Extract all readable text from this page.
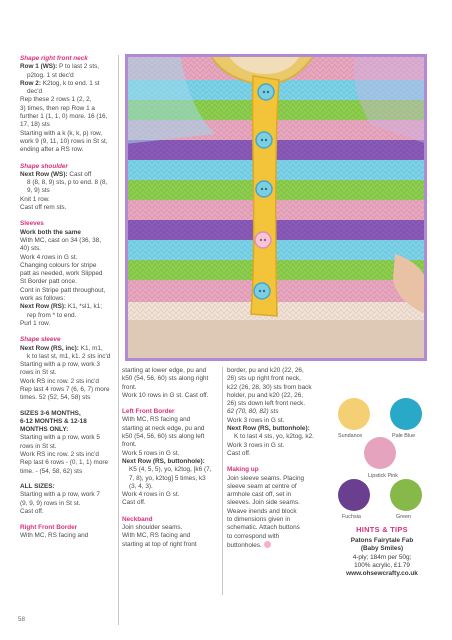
Shape right front neck

Row 1 (WS): P to last 2 sts,

p2tog. 1 st dec'd

Row 2: K2tog, k to end. 1 st

dec'd

Rep these 2 rows 1 (2, 2,

3) times, then rep Row 1 a

further 1 (1, 1, 0) more. 16 (16,

17, 18) sts

Starting with a k (k, k, p) row,

work 9 (9, 11, 10) rows in St st,

ending after a RS row.

Shape shoulder

Next Row (WS): Cast off

8 (8, 8, 9) sts, p to end. 8 (8,

9, 9) sts

Knit 1 row.

Cast off rem sts.

Sleeves

Work both the same

With MC, cast on 34 (36, 38,

40) sts.

Work 4 rows in G st.

Changing colours for stripe

patt as needed, work Slipped

St Border patt once.

Cont in Stripe patt throughout,

work as follows:

Next Row (RS): K1, *sl1, k1;

rep from * to end.

Purl 1 row.

Shape sleeve

Next Row (RS, inc): K1, m1,

k to last st, m1, k1. 2 sts inc'd

Starting with a p row, work 3

rows in St st.

Work RS inc row. 2 sts inc'd

Rep last 4 rows 7 (6, 6, 7) more

times. 52 (52, 54, 58) sts

SIZES 3-6 MONTHS,

6-12 MONTHS & 12-18

MONTHS ONLY:

Starting with a p row, work 5

rows in St st.

Work RS inc row. 2 sts inc'd

Rep last 6 rows - (0, 1, 1) more

time. - (54, 58, 62) sts

ALL SIZES:

Starting with a p row, work 7

(9, 9, 9) rows in St st.

Cast off.

Right Front Border

With MC, RS facing and

starting at lower edge, pu and

k50 (54, 56, 60) sts along right

front.

Work 10 rows in G st. Cast off.

Left Front Border

With MC, RS facing and

starting at neck edge, pu and

k50 (54, 56, 60) sts along left

front.

Work 5 rows in G st.

Next Row (RS, buttonhole):

K5 (4, 5, 5), yo, k2tog, [k6 (7,

7, 8), yo, k2tog] 5 times, k3

(3, 4, 3).

Work 4 rows in G st.

Cast off.

Neckband

Join shoulder seams.

With MC, RS facing and

starting at top of right front

border, pu and k20 (22, 26,

26) sts up right front neck,

k22 (26, 28, 30) sts from back

holder, pu and k20 (22, 26,

26) sts down left front neck.

62 (70, 80, 82) sts

Work 3 rows in G st.

Next Row (RS, buttonhole):

K to last 4 sts, yo, k2tog, k2.

Work 3 rows in G st.

Cast off.

Making up

Join sleeve seams. Placing

sleeve seam at centre of

armhole cast off, set in

sleeves. Join side seams.

Weave inends and block

to dimensions given in

schematic. Attach buttons

to correspond with

buttonholes.

Sundance	Pale Blue
Lipstick Pink
Fuchsia	Green
HINTS & TIPS

Patons Fairytale Fab

(Baby Smiles)

4-ply; 184m per 50g;

100% acrylic, £1.79

www.ohsewcrafty.co.uk

58
